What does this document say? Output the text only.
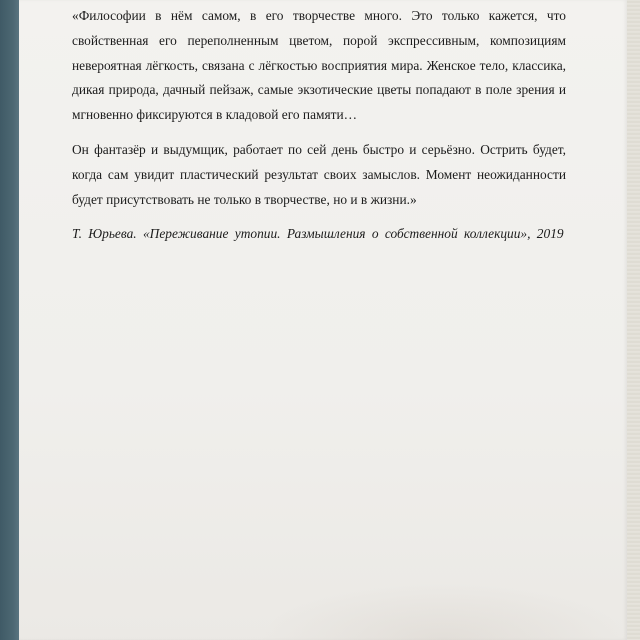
«Философии в нём самом, в его творчестве много. Это только кажется, что свойственная его переполненным цветом, порой экспрессивным, композициям невероятная лёгкость, связана с лёгкостью восприятия мира. Женское тело, классика, дикая природа, дачный пейзаж, самые экзотические цветы попадают в поле зрения и мгновенно фиксируются в кладовой его памяти…

Он фантазёр и выдумщик, работает по сей день быстро и серьёзно. Острить будет, когда сам увидит пластический результат своих замыслов. Момент неожиданности будет присутствовать не только в творчестве, но и в жизни.»

Т. Юрьева. «Переживание утопии. Размышления о собственной коллекции», 2019
